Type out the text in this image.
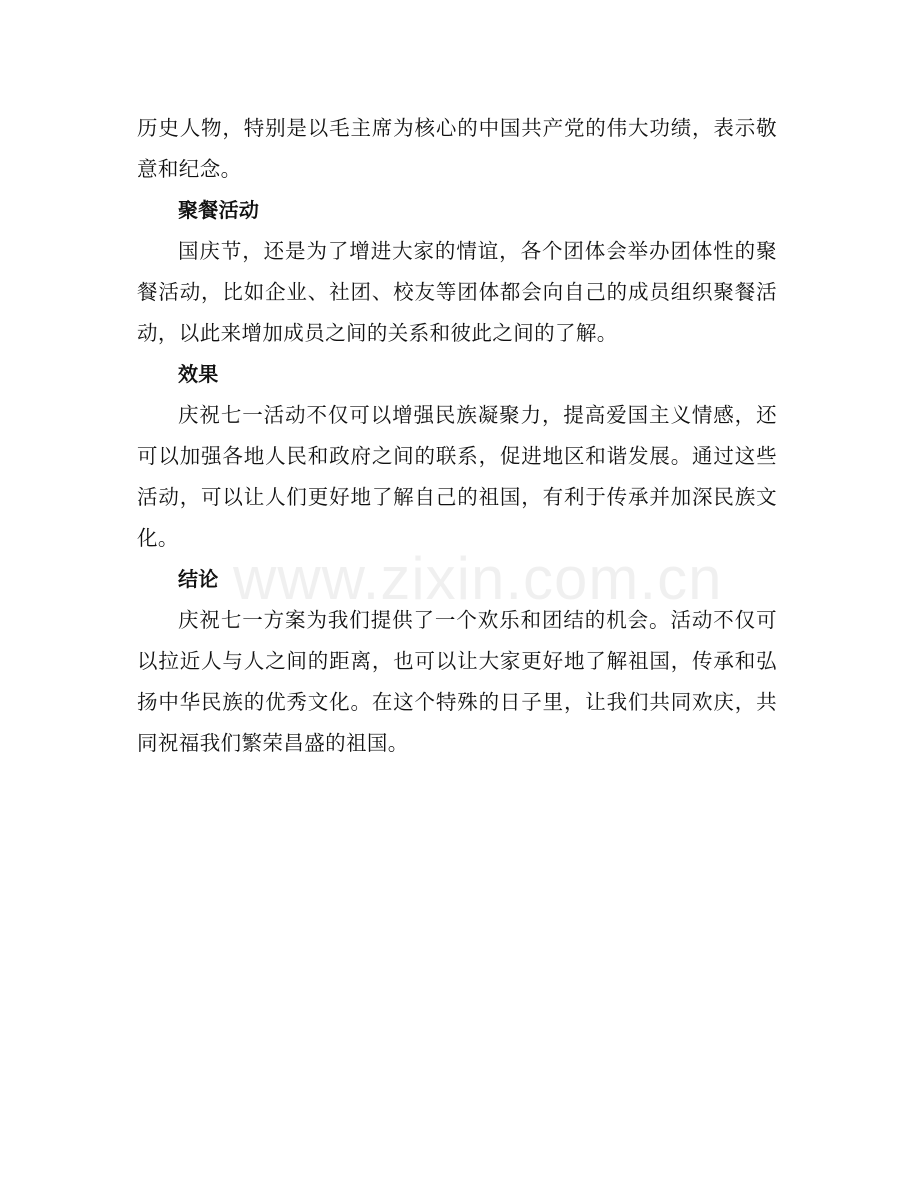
历史人物，特别是以毛主席为核心的中国共产党的伟大功绩，表示敬意和纪念。

聚餐活动

国庆节，还是为了增进大家的情谊，各个团体会举办团体性的聚餐活动，比如企业、社团、校友等团体都会向自己的成员组织聚餐活动，以此来增加成员之间的关系和彼此之间的了解。

效果

庆祝七一活动不仅可以增强民族凝聚力，提高爱国主义情感，还可以加强各地人民和政府之间的联系，促进地区和谐发展。通过这些活动，可以让人们更好地了解自己的祖国，有利于传承并加深民族文化。

结论

庆祝七一方案为我们提供了一个欢乐和团结的机会。活动不仅可以拉近人与人之间的距离，也可以让大家更好地了解祖国，传承和弘扬中华民族的优秀文化。在这个特殊的日子里，让我们共同欢庆，共同祝福我们繁荣昌盛的祖国。

www.zixin.com.cn
